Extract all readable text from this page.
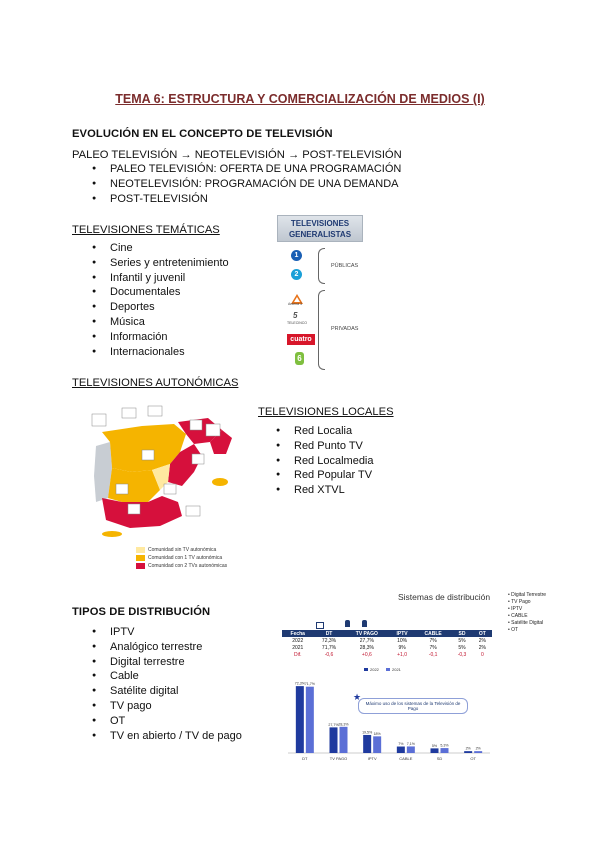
TEMA 6: ESTRUCTURA Y COMERCIALIZACIÓN DE MEDIOS (I)
EVOLUCIÓN EN EL CONCEPTO DE TELEVISIÓN
PALEO TELEVISIÓN → NEOTELEVISIÓN → POST-TELEVISIÓN
● PALEO TELEVISIÓN: OFERTA DE UNA PROGRAMACIÓN
● NEOTELEVISIÓN: PROGRAMACIÓN DE UNA DEMANDA
● POST-TELEVISIÓN
TELEVISIONES TEMÁTICAS
● Cine
● Series y entretenimiento
● Infantil y juvenil
● Documentales
● Deportes
● Música
● Información
● Internacionales
TELEVISIONES
GENERALISTAS
1
2
PÚBLICAS
Antena 3
5
TELECINCO
cuatro
6
PRIVADAS
TELEVISIONES AUTONÓMICAS
Comunidad sin TV autonómica
Comunidad con 1 TV autonómica
Comunidad con 2 TVs autonómicas
TELEVISIONES LOCALES
● Red Localia
● Red Punto TV
● Red Localmedia
● Red Popular TV
● Red XTVL
TIPOS DE DISTRIBUCIÓN
● IPTV
● Analógico terrestre
● Digital terrestre
● Cable
● Satélite digital
● TV pago
● OT
● TV en abierto / TV de pago
Sistemas de distribución	• Digital Terrestre
• TV Pago
• IPTV
• CABLE
• Satélite Digital
• OT
Fecha	DT	TV PAGO	IPTV	CABLE	SD	OT
2022	72,3%	27,7%	10%	7%	5%	2%
2021	71,7%	28,3%	9%	7%	5%	2%
Dif.	-0,6	+0,6	+1,0	-0,1	-0,3	0
72,3% 71,7%
DT
27,7% 28,3%
TV PAGO
19,5% 18%
IPTV
7% 7,1%
CABLE
5% 5,3%
SD
2% 2%
OT
2022	2021
Máximo uso de los sistemas de la Televisión de Pago
★
